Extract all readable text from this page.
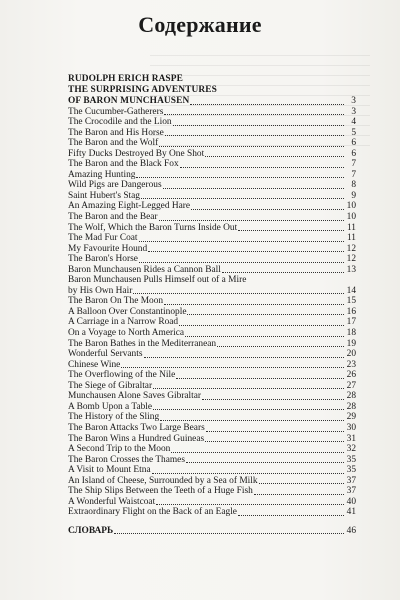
Содержание
RUDOLPH ERICH RASPE
THE SURPRISING ADVENTURES
OF BARON MUNCHAUSEN	3
The Cucumber-Gatherers	3
The Crocodile and the Lion	4
The Baron and His Horse	5
The Baron and the Wolf	6
Fifty Ducks Destroyed By One Shot	6
The Baron and the Black Fox	7
Amazing Hunting	7
Wild Pigs are Dangerous	8
Saint Hubert's Stag	9
An Amazing Eight-Legged Hare	10
The Baron and the Bear	10
The Wolf, Which the Baron Turns Inside Out	11
The Mad Fur Coat	11
My Favourite Hound	12
The Baron's Horse	12
Baron Munchausen Rides a Cannon Ball	13
Baron Munchausen Pulls Himself out of a Mire
by His Own Hair	14
The Baron On The Moon	15
A Balloon Over Constantinople	16
A Carriage in a Narrow Road	17
On a Voyage to North America	18
The Baron Bathes in the Mediterranean	19
Wonderful Servants	20
Chinese Wine	23
The Overflowing of the Nile	26
The Siege of Gibraltar	27
Munchausen Alone Saves Gibraltar	28
A Bomb Upon a Table	28
The History of the Sling	29
The Baron Attacks Two Large Bears	30
The Baron Wins a Hundred Guineas	31
A Second Trip to the Moon	32
The Baron Crosses the Thames	35
A Visit to Mount Etna	35
An Island of Cheese, Surrounded by a Sea of Milk	37
The Ship Slips Between the Teeth of a Huge Fish	37
A Wonderful Waistcoat	40
Extraordinary Flight on the Back of an Eagle	41
СЛОВАРЬ	46
